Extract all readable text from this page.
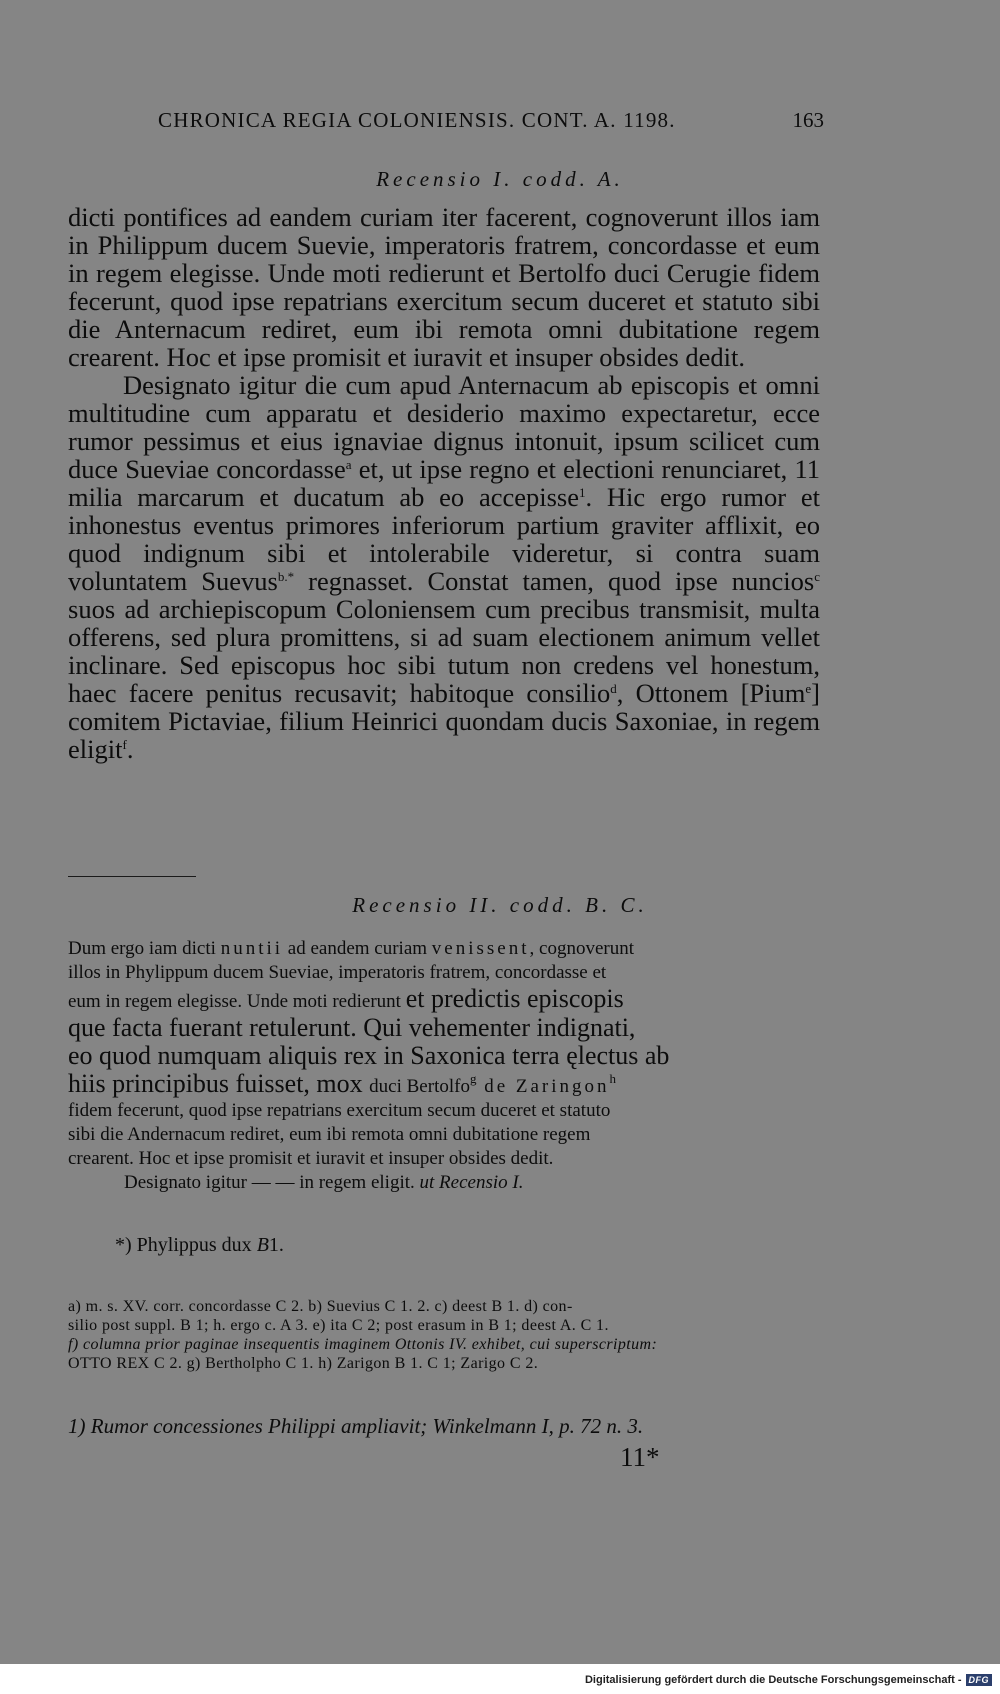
CHRONICA REGIA COLONIENSIS. CONT. A. 1198.	163
Recensio I. codd. A.

dicti pontifices ad eandem curiam iter facerent, cognoverunt illos iam in Philippum ducem Suevie, imperatoris fratrem, concordasse et eum in regem elegisse. Unde moti redierunt et Bertolfo duci Cerugie fidem fecerunt, quod ipse repatrians exercitum secum duceret et statuto sibi die Anternacum rediret, eum ibi remota omni dubitatione regem crearent. Hoc et ipse promisit et iuravit et insuper obsides dedit.

Designato igitur die cum apud Anternacum ab episcopis et omni multitudine cum apparatu et desiderio maximo expectaretur, ecce rumor pessimus et eius ignaviae dignus intonuit, ipsum scilicet cum duce Sueviae concordasse$^a$ et, ut ipse regno et electioni renunciaret, 11 milia marcarum et ducatum ab eo accepisse$^1$. Hic ergo rumor et inhonestus eventus primores inferiorum partium graviter afflixit, eo quod indignum sibi et intolerabile videretur, si contra suam voluntatem Suevus$^{b.*}$ regnasset. Constat tamen, quod ipse nuncios$^c$ suos ad archiepiscopum Coloniensem cum precibus transmisit, multa offerens, sed plura promittens, si ad suam electionem animum vellet inclinare. Sed episcopus hoc sibi tutum non credens vel honestum, haec facere penitus recusavit; habitoque consilio$^d$, Ottonem [Pium$^e$] comitem Pictaviae, filium Heinrici quondam ducis Saxoniae, in regem eligit$^f$.

Recensio II. codd. B. C.
Dum ergo iam dicti nuntii ad eandem curiam venissent, cognoverunt
illos in Phylippum ducem Sueviae, imperatoris fratrem, concordasse et
eum in regem elegisse. Unde moti redierunt et predictis episcopis
que facta fuerant retulerunt. Qui vehementer indignati,
eo quod numquam aliquis rex in Saxonica terra ęlectus ab
hiis principibus fuisset, mox duci Bertolfo$^g$ de Zaringon$^h$
fidem fecerunt, quod ipse repatrians exercitum secum duceret et statuto
sibi die Andernacum rediret, eum ibi remota omni dubitatione regem
crearent. Hoc et ipse promisit et iuravit et insuper obsides dedit.
Designato igitur — — in regem eligit. ut Recensio I.
*) Phylippus dux B1.
a) m. s. XV. corr. concordasse C 2. b) Suevius C 1. 2. c) deest B 1. d) con-
silio post suppl. B 1; h. ergo c. A 3. e) ita C 2; post erasum in B 1; deest A. C 1.
f) columna prior paginae insequentis imaginem Ottonis IV. exhibet, cui superscriptum:
OTTO REX C 2. g) Bertholpho C 1. h) Zarigon B 1. C 1; Zarigo C 2.
1) Rumor concessiones Philippi ampliavit; Winkelmann I, p. 72 n. 3.
11*
Digitalisierung gefördert durch die Deutsche Forschungsgemeinschaft - DFG
